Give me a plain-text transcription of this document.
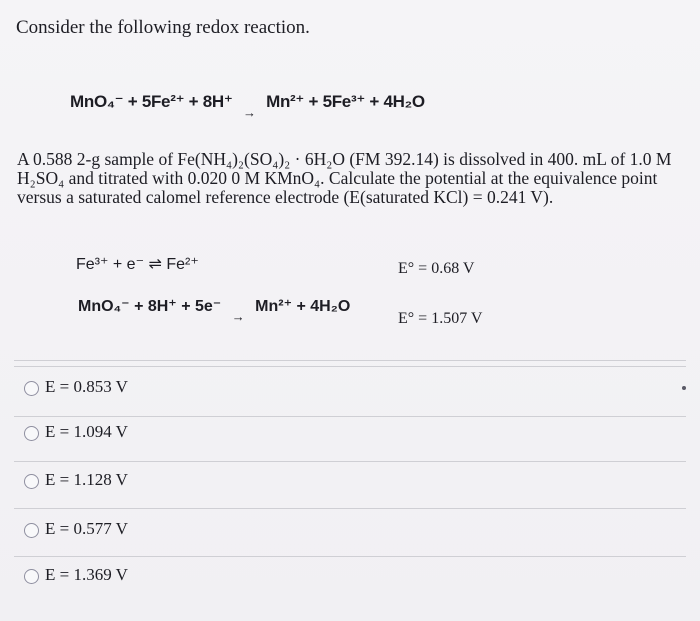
Consider the following redox reaction.
MnO₄⁻ + 5Fe²⁺ + 8H⁺ → Mn²⁺ + 5Fe³⁺ + 4H₂O
A 0.588 2-g sample of Fe(NH₄)₂(SO₄)₂ · 6H₂O (FM 392.14) is dissolved in 400. mL of 1.0 M H₂SO₄ and titrated with 0.020 0 M KMnO₄. Calculate the potential at the equivalence point versus a saturated calomel reference electrode (E(saturated KCl) = 0.241 V).
Fe³⁺ + e⁻ ⇌ Fe²⁺	E° = 0.68 V
MnO₄⁻ + 8H⁺ + 5e⁻ → Mn²⁺ + 4H₂O
E° = 1.507 V
E = 0.853 V
E = 1.094 V
E = 1.128 V
E = 0.577 V
E = 1.369 V
